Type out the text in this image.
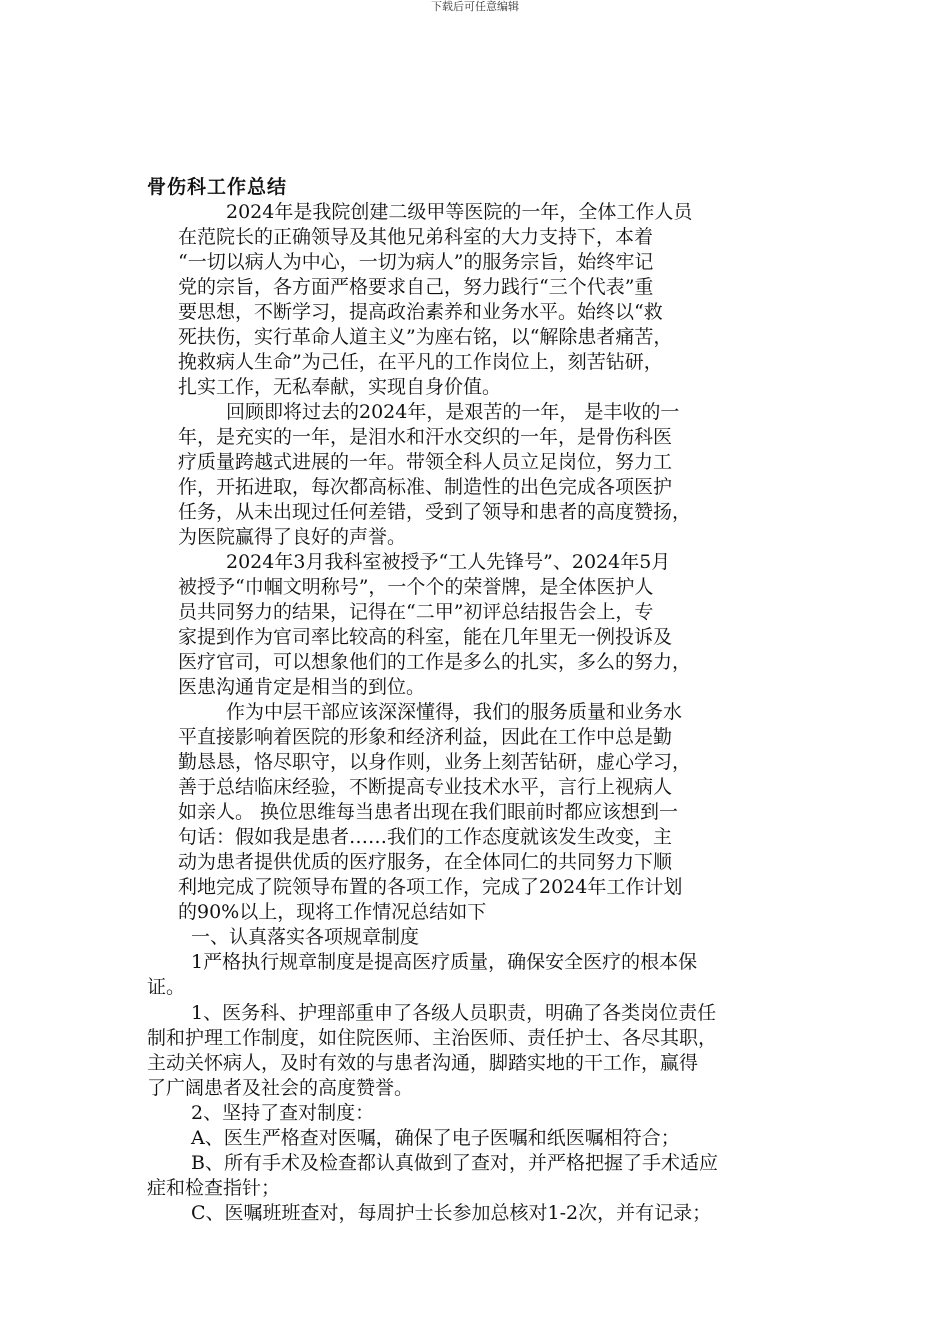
下载后可任意编辑
骨伤科工作总结
2024年是我院创建二级甲等医院的一年，全体工作人员
在范院长的正确领导及其他兄弟科室的大力支持下，本着
“一切以病人为中心，一切为病人”的服务宗旨，始终牢记
党的宗旨，各方面严格要求自己，努力践行“三个代表”重
要思想，不断学习，提高政治素养和业务水平。始终以“救
死扶伤，实行革命人道主义”为座右铭，以“解除患者痛苦，
挽救病人生命”为己任，在平凡的工作岗位上，刻苦钻研，
扎实工作，无私奉献，实现自身价值。
回顾即将过去的2024年，是艰苦的一年， 是丰收的一
年，是充实的一年，是泪水和汗水交织的一年，是骨伤科医
疗质量跨越式进展的一年。带领全科人员立足岗位，努力工
作，开拓进取，每次都高标准、制造性的出色完成各项医护
任务，从未出现过任何差错，受到了领导和患者的高度赞扬，
为医院赢得了良好的声誉。
2024年3月我科室被授予“工人先锋号”、2024年5月
被授予“巾帼文明称号”，一个个的荣誉牌，是全体医护人
员共同努力的结果，记得在“二甲”初评总结报告会上，专
家提到作为官司率比较高的科室，能在几年里无一例投诉及
医疗官司，可以想象他们的工作是多么的扎实，多么的努力，
医患沟通肯定是相当的到位。
作为中层干部应该深深懂得，我们的服务质量和业务水
平直接影响着医院的形象和经济利益，因此在工作中总是勤
勤恳恳，恪尽职守，以身作则，业务上刻苦钻研，虚心学习，
善于总结临床经验，不断提高专业技术水平，言行上视病人
如亲人。 换位思维每当患者出现在我们眼前时都应该想到一
句话：假如我是患者……我们的工作态度就该发生改变，主
动为患者提供优质的医疗服务，在全体同仁的共同努力下顺
利地完成了院领导布置的各项工作，完成了2024年工作计划
的90%以上，现将工作情况总结如下
一、认真落实各项规章制度
1严格执行规章制度是提高医疗质量，确保安全医疗的根本保
证。
1、医务科、护理部重申了各级人员职责，明确了各类岗位责任
制和护理工作制度，如住院医师、主治医师、责任护士、各尽其职，
主动关怀病人，及时有效的与患者沟通，脚踏实地的干工作，赢得
了广阔患者及社会的高度赞誉。
2、坚持了查对制度：
A、医生严格查对医嘱，确保了电子医嘱和纸医嘱相符合；
B、所有手术及检查都认真做到了查对，并严格把握了手术适应
症和检查指针；
C、医嘱班班查对，每周护士长参加总核对1-2次，并有记录；
